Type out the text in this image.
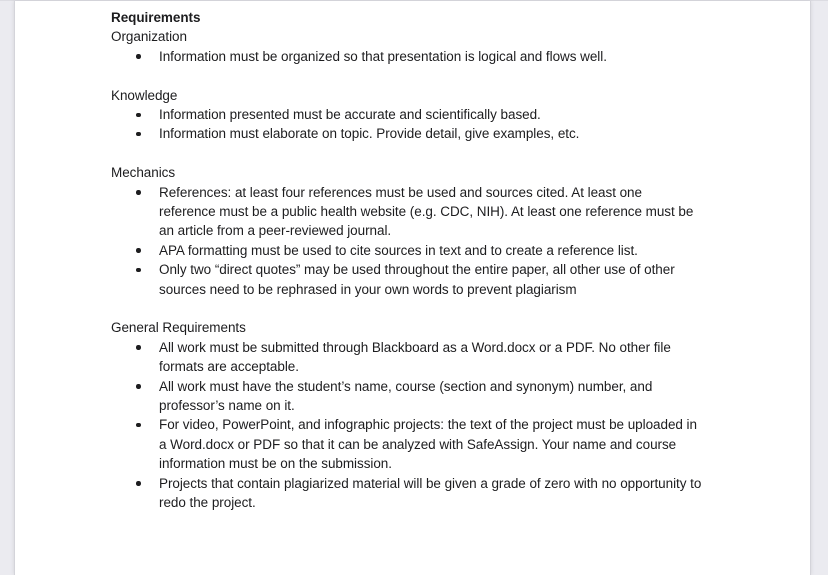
Requirements

Organization
Information must be organized so that presentation is logical and flows well.
Knowledge
Information presented must be accurate and scientifically based.
Information must elaborate on topic. Provide detail, give examples, etc.
Mechanics
References: at least four references must be used and sources cited. At least one reference must be a public health website (e.g. CDC, NIH). At least one reference must be an article from a peer-reviewed journal.
APA formatting must be used to cite sources in text and to create a reference list.
Only two “direct quotes” may be used throughout the entire paper, all other use of other sources need to be rephrased in your own words to prevent plagiarism
General Requirements
All work must be submitted through Blackboard as a Word.docx or a PDF. No other file formats are acceptable.
All work must have the student’s name, course (section and synonym) number, and professor’s name on it.
For video, PowerPoint, and infographic projects: the text of the project must be uploaded in a Word.docx or PDF so that it can be analyzed with SafeAssign. Your name and course information must be on the submission.
Projects that contain plagiarized material will be given a grade of zero with no opportunity to redo the project.
